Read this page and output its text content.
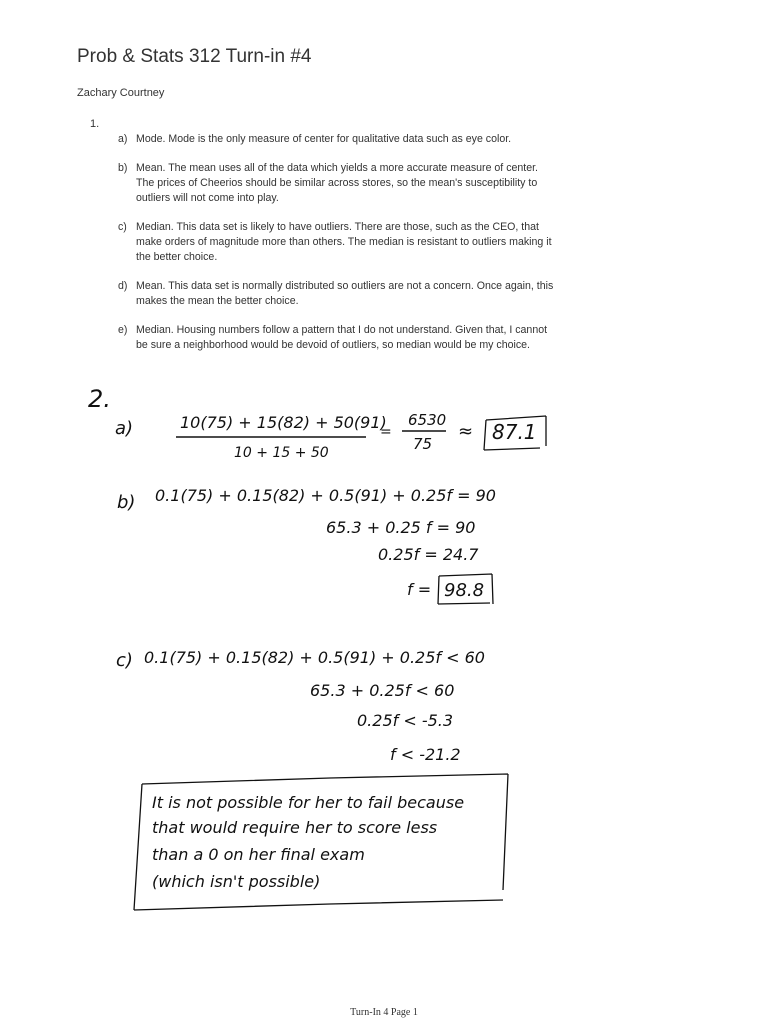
Prob & Stats 312 Turn-in #4
Zachary Courtney
1.
a) Mode. Mode is the only measure of center for qualitative data such as eye color.
b) Mean. The mean uses all of the data which yields a more accurate measure of center. The prices of Cheerios should be similar across stores, so the mean's susceptibility to outliers will not come into play.
c) Median. This data set is likely to have outliers. There are those, such as the CEO, that make orders of magnitude more than others. The median is resistant to outliers making it the better choice.
d) Mean. This data set is normally distributed so outliers are not a concern. Once again, this makes the mean the better choice.
e) Median. Housing numbers follow a pattern that I do not understand. Given that, I cannot be sure a neighborhood would be devoid of outliers, so median would be my choice.
2.
a)	10(75) + 15(82) + 50(91)
10 + 15 + 50
=
6530
75
≈ 87.1
b) 0.1(75) + 0.15(82) + 0.5(91) + 0.25f = 90
65.3 + 0.25 f = 90
0.25f = 24.7
f = 98.8
c) 0.1(75) + 0.15(82) + 0.5(91) + 0.25f < 60
65.3 + 0.25f < 60
0.25f < -5.3
f < -21.2
It is not possible for her to fail because
that would require her to score less
than a 0 on her final exam
(which isn't possible)
Turn-In 4 Page 1
